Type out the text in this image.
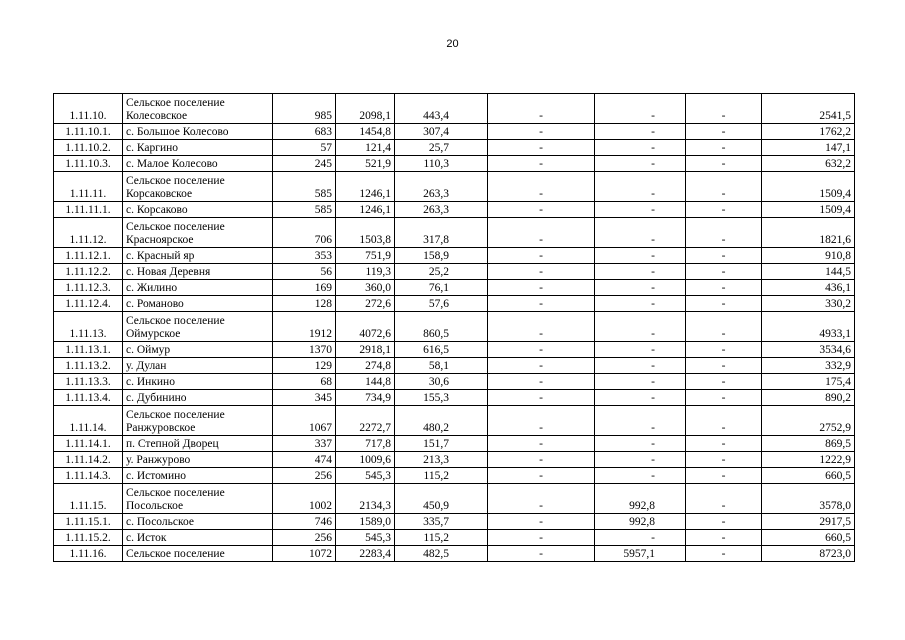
20
1.11.10.	Сельское поселение Колесовское	985	2098,1	443,4	-	-	-	2541,5
1.11.10.1.	с. Большое Колесово	683	1454,8	307,4	-	-	-	1762,2
1.11.10.2.	с. Каргино	57	121,4	25,7	-	-	-	147,1
1.11.10.3.	с. Малое Колесово	245	521,9	110,3	-	-	-	632,2
1.11.11.	Сельское поселение Корсаковское	585	1246,1	263,3	-	-	-	1509,4
1.11.11.1.	с. Корсаково	585	1246,1	263,3	-	-	-	1509,4
1.11.12.	Сельское поселение Красноярское	706	1503,8	317,8	-	-	-	1821,6
1.11.12.1.	с. Красный яр	353	751,9	158,9	-	-	-	910,8
1.11.12.2.	с. Новая Деревня	56	119,3	25,2	-	-	-	144,5
1.11.12.3.	с. Жилино	169	360,0	76,1	-	-	-	436,1
1.11.12.4.	с. Романово	128	272,6	57,6	-	-	-	330,2
1.11.13.	Сельское поселение Оймурское	1912	4072,6	860,5	-	-	-	4933,1
1.11.13.1.	с. Оймур	1370	2918,1	616,5	-	-	-	3534,6
1.11.13.2.	у. Дулан	129	274,8	58,1	-	-	-	332,9
1.11.13.3.	с. Инкино	68	144,8	30,6	-	-	-	175,4
1.11.13.4.	с. Дубинино	345	734,9	155,3	-	-	-	890,2
1.11.14.	Сельское поселение Ранжуровское	1067	2272,7	480,2	-	-	-	2752,9
1.11.14.1.	п. Степной Дворец	337	717,8	151,7	-	-	-	869,5
1.11.14.2.	у. Ранжурово	474	1009,6	213,3	-	-	-	1222,9
1.11.14.3.	с. Истомино	256	545,3	115,2	-	-	-	660,5
1.11.15.	Сельское поселение Посольское	1002	2134,3	450,9	-	992,8	-	3578,0
1.11.15.1.	с. Посольское	746	1589,0	335,7	-	992,8	-	2917,5
1.11.15.2.	с. Исток	256	545,3	115,2	-	-	-	660,5
1.11.16.	Сельское поселение	1072	2283,4	482,5	-	5957,1	-	8723,0
